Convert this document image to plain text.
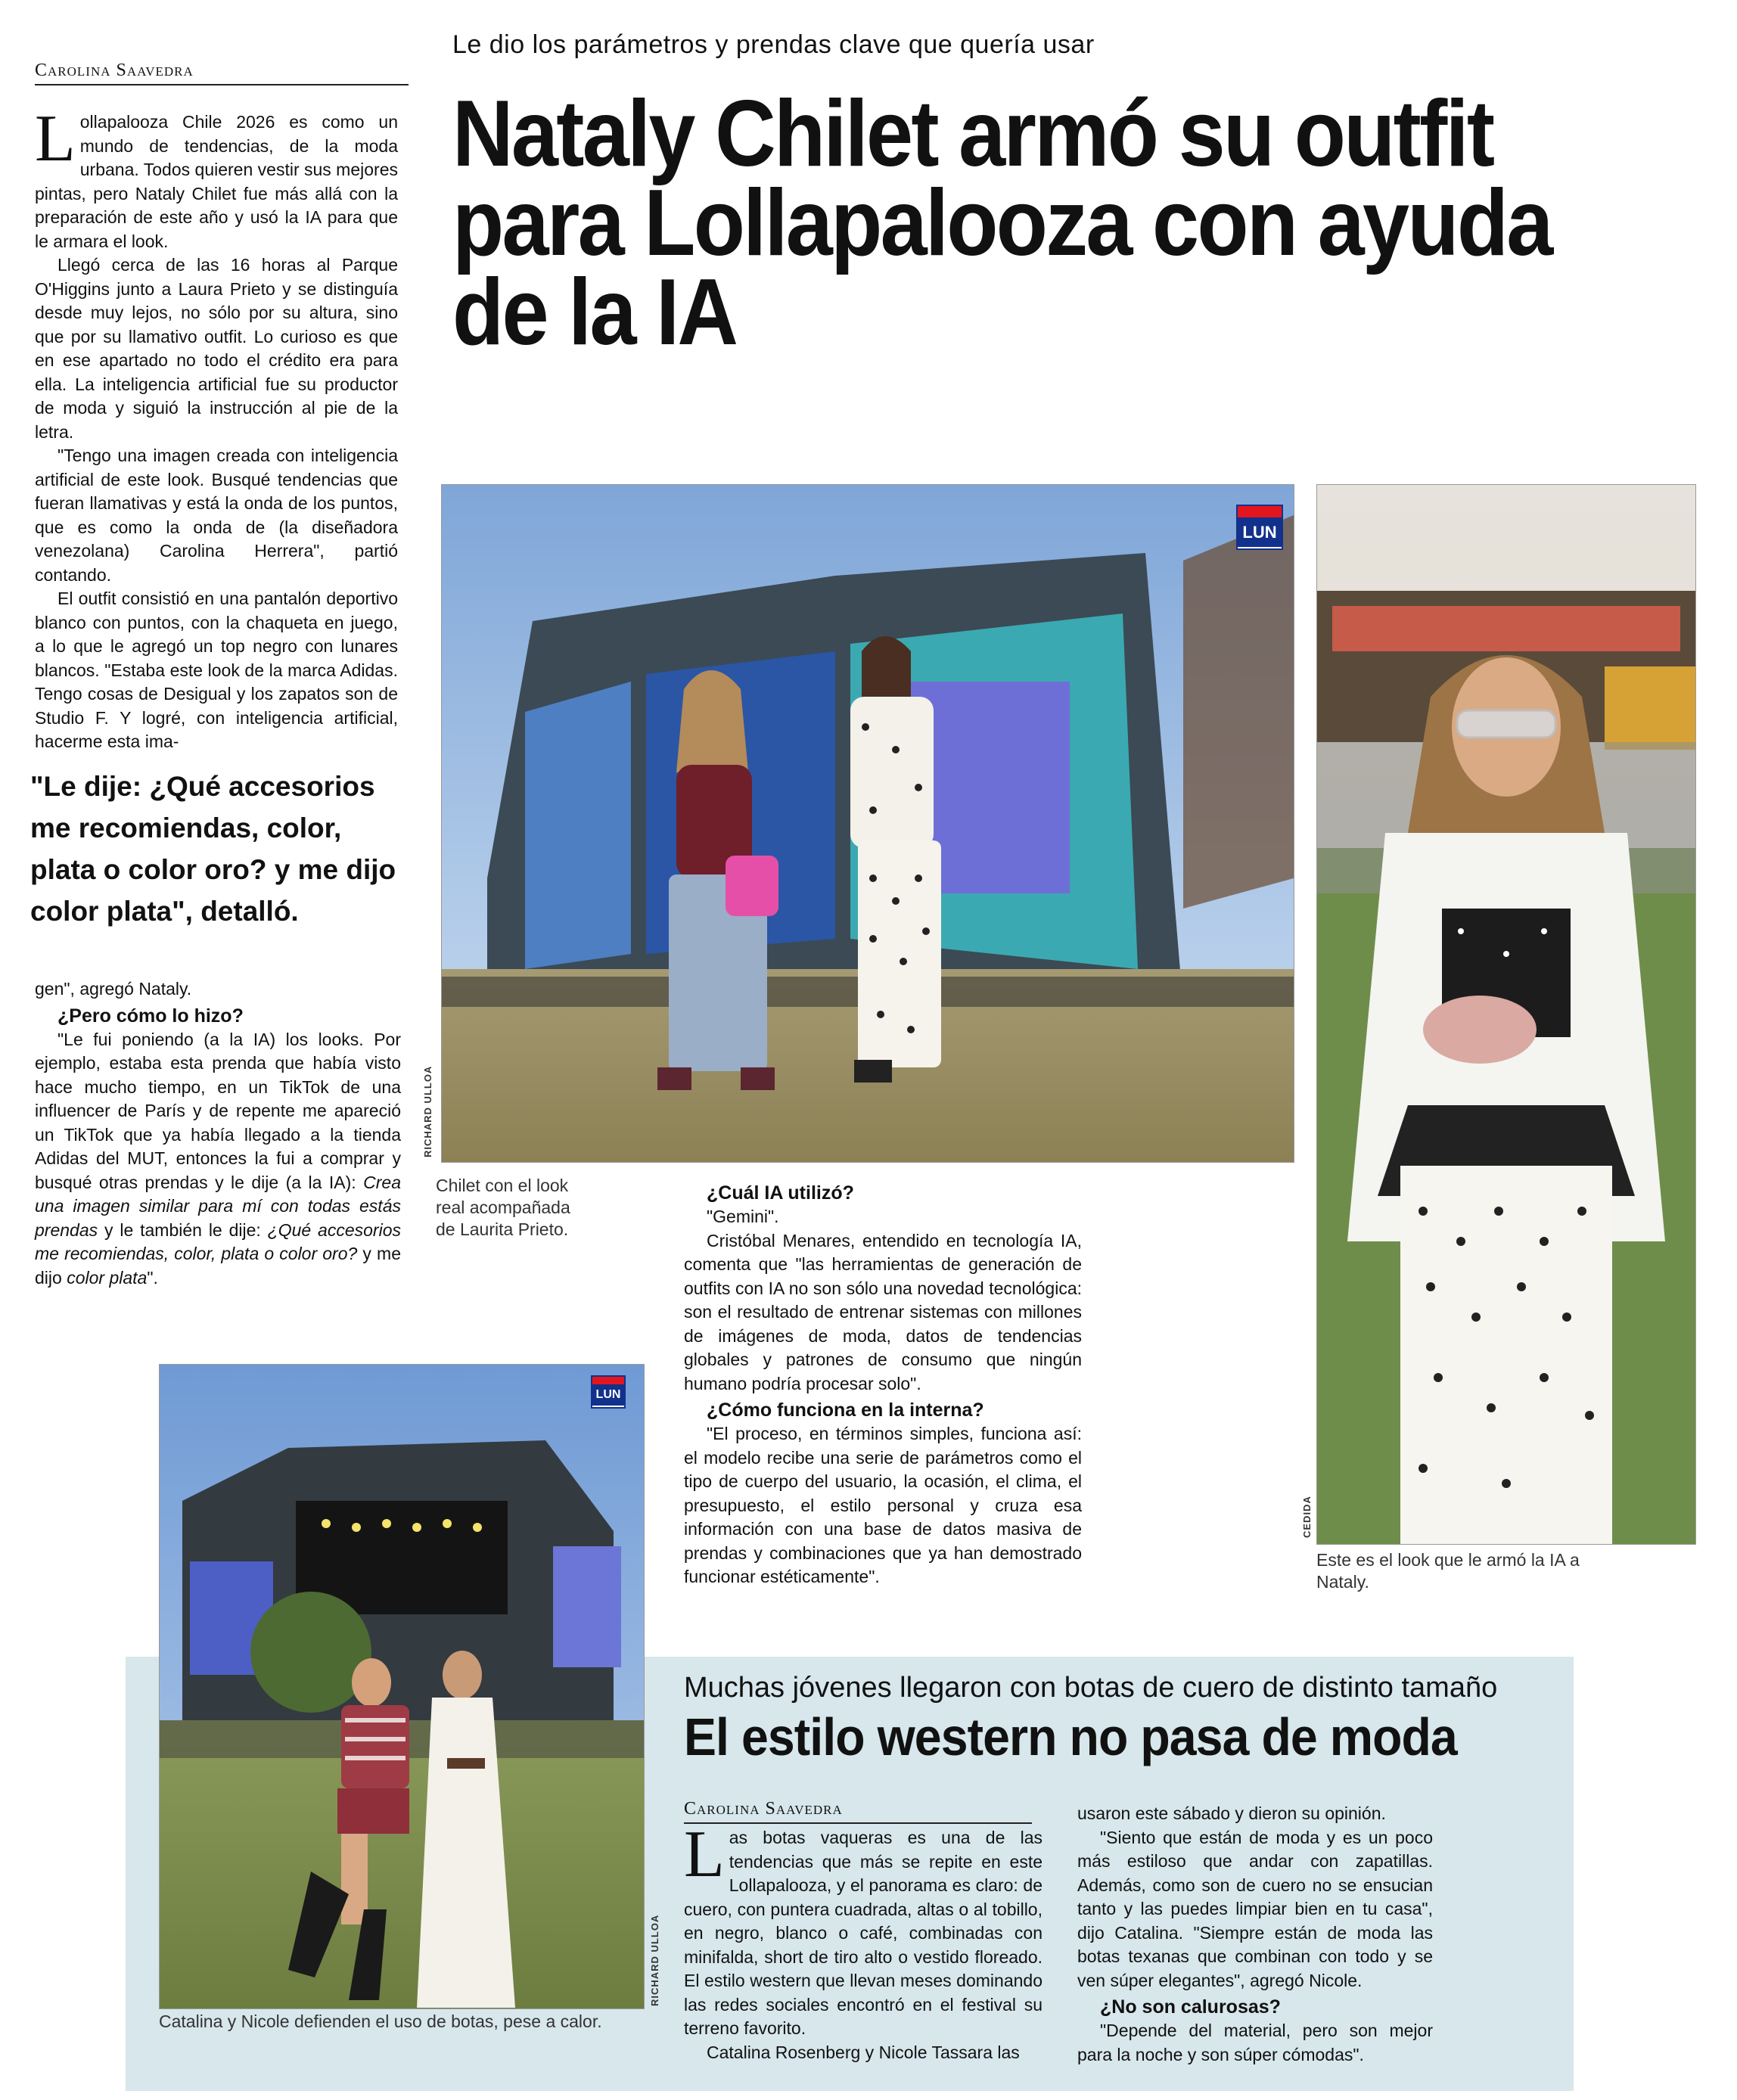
Carolina Saavedra

Lollapalooza Chile 2026 es como un mundo de tendencias, de la moda urbana. Todos quieren vestir sus mejores pintas, pero Nataly Chilet fue más allá con la preparación de este año y usó la IA para que le armara el look.

Llegó cerca de las 16 horas al Parque O'Higgins junto a Laura Prieto y se distinguía desde muy lejos, no sólo por su altura, sino que por su llamativo outfit. Lo curioso es que en ese apartado no todo el crédito era para ella. La inteligencia artificial fue su productor de moda y siguió la instrucción al pie de la letra.

"Tengo una imagen creada con inteligencia artificial de este look. Busqué tendencias que fueran llamativas y está la onda de los puntos, que es como la onda de (la diseñadora venezolana) Carolina Herrera", partió contando.

El outfit consistió en una pantalón deportivo blanco con puntos, con la chaqueta en juego, a lo que le agregó un top negro con lunares blancos. "Estaba este look de la marca Adidas. Tengo cosas de Desigual y los zapatos son de Studio F. Y logré, con inteligencia artificial, hacerme esta ima-

"Le dije: ¿Qué accesorios me recomiendas, color, plata o color oro? y me dijo color plata", detalló.

gen", agregó Nataly.

¿Pero cómo lo hizo?

"Le fui poniendo (a la IA) los looks. Por ejemplo, estaba esta prenda que había visto hace mucho tiempo, en un TikTok de una influencer de París y de repente me apareció un TikTok que ya había llegado a la tienda Adidas del MUT, entonces la fui a comprar y busqué otras prendas y le dije (a la IA): Crea una imagen similar para mí con todas estás prendas y le también le dije: ¿Qué accesorios me recomiendas, color, plata o color oro? y me dijo color plata".

Le dio los parámetros y prendas clave que quería usar
Nataly Chilet armó su outfit
para Lollapalooza con ayuda
de la IA
LUN
RICHARD ULLOA
Chilet con el look real acompañada de Laurita Prieto.
¿Cuál IA utilizó?

"Gemini".

Cristóbal Menares, entendido en tecnología IA, comenta que "las herramientas de generación de outfits con IA no son sólo una novedad tecnológica: son el resultado de entrenar sistemas con millones de imágenes de moda, datos de tendencias globales y patrones de consumo que ningún humano podría procesar solo".

¿Cómo funciona en la interna?

"El proceso, en términos simples, funciona así: el modelo recibe una serie de parámetros como el tipo de cuerpo del usuario, la ocasión, el clima, el presupuesto, el estilo personal y cruza esa información con una base de datos masiva de prendas y combinaciones que ya han demostrado funcionar estéticamente".

CEDIDA
Este es el look que le armó la IA a Nataly.
LUN
RICHARD ULLOA
Catalina y Nicole defienden el uso de botas, pese a calor.
Muchas jóvenes llegaron con botas de cuero de distinto tamaño
El estilo western no pasa de moda
Carolina Saavedra

Las botas vaqueras es una de las tendencias que más se repite en este Lollapalooza, y el panorama es claro: de cuero, con puntera cuadrada, altas o al tobillo, en negro, blanco o café, combinadas con minifalda, short de tiro alto o vestido floreado. El estilo western que llevan meses dominando las redes sociales encontró en el festival su terreno favorito.

Catalina Rosenberg y Nicole Tassara las

usaron este sábado y dieron su opinión.

"Siento que están de moda y es un poco más estiloso que andar con zapatillas. Además, como son de cuero no se ensucian tanto y las puedes limpiar bien en tu casa", dijo Catalina. "Siempre están de moda las botas texanas que combinan con todo y se ven súper elegantes", agregó Nicole.

¿No son calurosas?

"Depende del material, pero son mejor para la noche y son súper cómodas".
